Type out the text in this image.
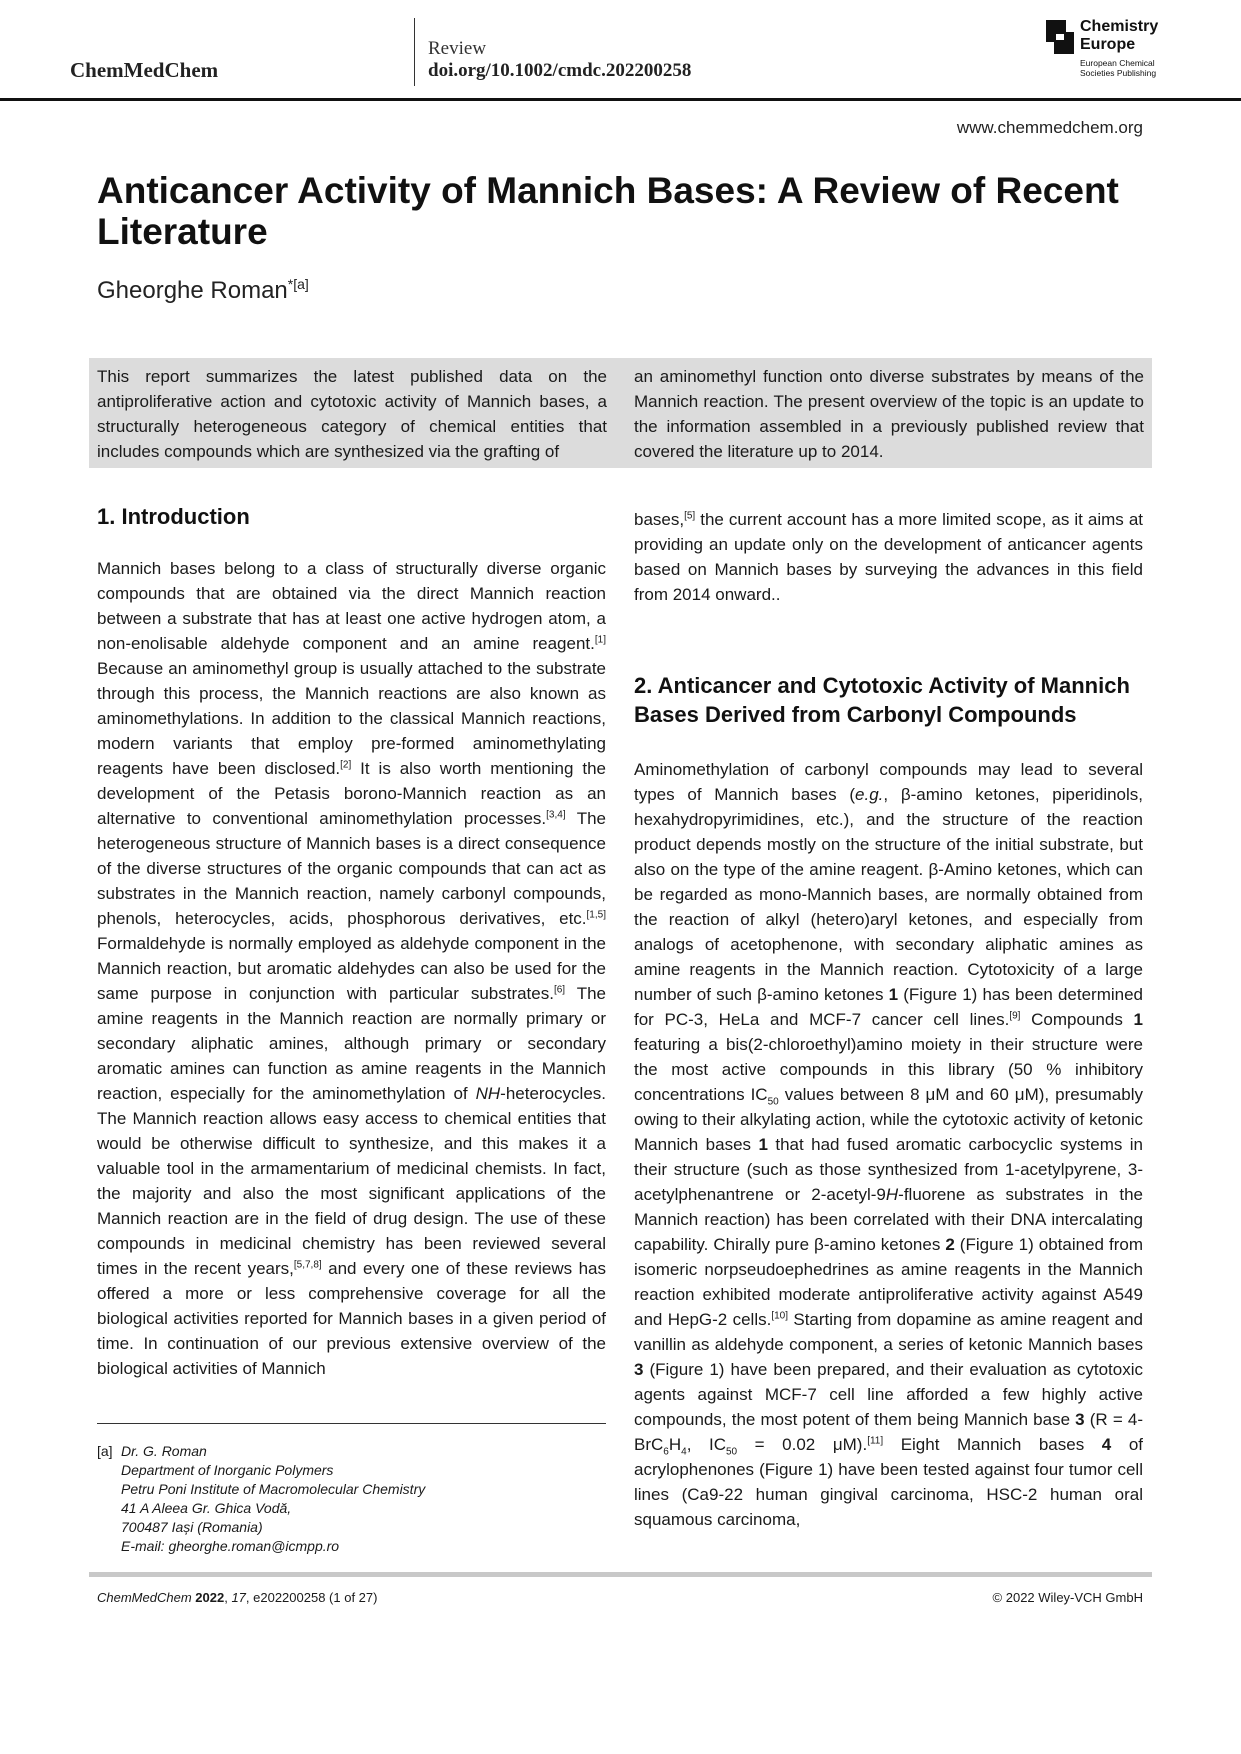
ChemMedChem
Review
doi.org/10.1002/cmdc.202200258
Chemistry
Europe
European Chemical
Societies Publishing
www.chemmedchem.org
Anticancer Activity of Mannich Bases: A Review of Recent Literature
Gheorghe Roman$^{*[a]}$
This report summarizes the latest published data on the antiproliferative action and cytotoxic activity of Mannich bases, a structurally heterogeneous category of chemical entities that includes compounds which are synthesized via the grafting of
an aminomethyl function onto diverse substrates by means of the Mannich reaction. The present overview of the topic is an update to the information assembled in a previously published review that covered the literature up to 2014.
1. Introduction

Mannich bases belong to a class of structurally diverse organic compounds that are obtained via the direct Mannich reaction between a substrate that has at least one active hydrogen atom, a non-enolisable aldehyde component and an amine reagent.[1] Because an aminomethyl group is usually attached to the substrate through this process, the Mannich reactions are also known as aminomethylations. In addition to the classical Mannich reactions, modern variants that employ pre-formed aminomethylating reagents have been disclosed.[2] It is also worth mentioning the development of the Petasis borono-Mannich reaction as an alternative to conventional aminomethylation processes.[3,4] The heterogeneous structure of Mannich bases is a direct consequence of the diverse structures of the organic compounds that can act as substrates in the Mannich reaction, namely carbonyl compounds, phenols, heterocycles, acids, phosphorous derivatives, etc.[1,5] Formaldehyde is normally employed as aldehyde component in the Mannich reaction, but aromatic aldehydes can also be used for the same purpose in conjunction with particular substrates.[6] The amine reagents in the Mannich reaction are normally primary or secondary aliphatic amines, although primary or secondary aromatic amines can function as amine reagents in the Mannich reaction, especially for the aminomethylation of NH-heterocycles. The Mannich reaction allows easy access to chemical entities that would be otherwise difficult to synthesize, and this makes it a valuable tool in the armamentarium of medicinal chemists. In fact, the majority and also the most significant applications of the Mannich reaction are in the field of drug design. The use of these compounds in medicinal chemistry has been reviewed several times in the recent years,[5,7,8] and every one of these reviews has offered a more or less comprehensive coverage for all the biological activities reported for Mannich bases in a given period of time. In continuation of our previous extensive overview of the biological activities of Mannich

[a] Dr. G. Roman
Department of Inorganic Polymers
Petru Poni Institute of Macromolecular Chemistry
41 A Aleea Gr. Ghica Vodă,
700487 Iași (Romania)
E-mail: gheorghe.roman@icmpp.ro

bases,[5] the current account has a more limited scope, as it aims at providing an update only on the development of anticancer agents based on Mannich bases by surveying the advances in this field from 2014 onward..

2. Anticancer and Cytotoxic Activity of Mannich Bases Derived from Carbonyl Compounds

Aminomethylation of carbonyl compounds may lead to several types of Mannich bases (e.g., β-amino ketones, piperidinols, hexahydropyrimidines, etc.), and the structure of the reaction product depends mostly on the structure of the initial substrate, but also on the type of the amine reagent. β-Amino ketones, which can be regarded as mono-Mannich bases, are normally obtained from the reaction of alkyl (hetero)aryl ketones, and especially from analogs of acetophenone, with secondary aliphatic amines as amine reagents in the Mannich reaction. Cytotoxicity of a large number of such β-amino ketones 1 (Figure 1) has been determined for PC-3, HeLa and MCF-7 cancer cell lines.[9] Compounds 1 featuring a bis(2-chloroethyl)amino moiety in their structure were the most active compounds in this library (50 % inhibitory concentrations $IC_{50}$ values between 8 μM and 60 μM), presumably owing to their alkylating action, while the cytotoxic activity of ketonic Mannich bases 1 that had fused aromatic carbocyclic systems in their structure (such as those synthesized from 1-acetylpyrene, 3-acetylphenantrene or 2-acetyl-9H-fluorene as substrates in the Mannich reaction) has been correlated with their DNA intercalating capability. Chirally pure β-amino ketones 2 (Figure 1) obtained from isomeric norpseudoephedrines as amine reagents in the Mannich reaction exhibited moderate antiproliferative activity against A549 and HepG-2 cells.[10] Starting from dopamine as amine reagent and vanillin as aldehyde component, a series of ketonic Mannich bases 3 (Figure 1) have been prepared, and their evaluation as cytotoxic agents against MCF-7 cell line afforded a few highly active compounds, the most potent of them being Mannich base 3 ($R = 4-BrC_6H_4$, $IC_{50} = 0.02$ μM).[11] Eight Mannich bases 4 of acrylophenones (Figure 1) have been tested against four tumor cell lines (Ca9-22 human gingival carcinoma, HSC-2 human oral squamous carcinoma,

ChemMedChem 2022, 17, e202200258 (1 of 27)	© 2022 Wiley-VCH GmbH
